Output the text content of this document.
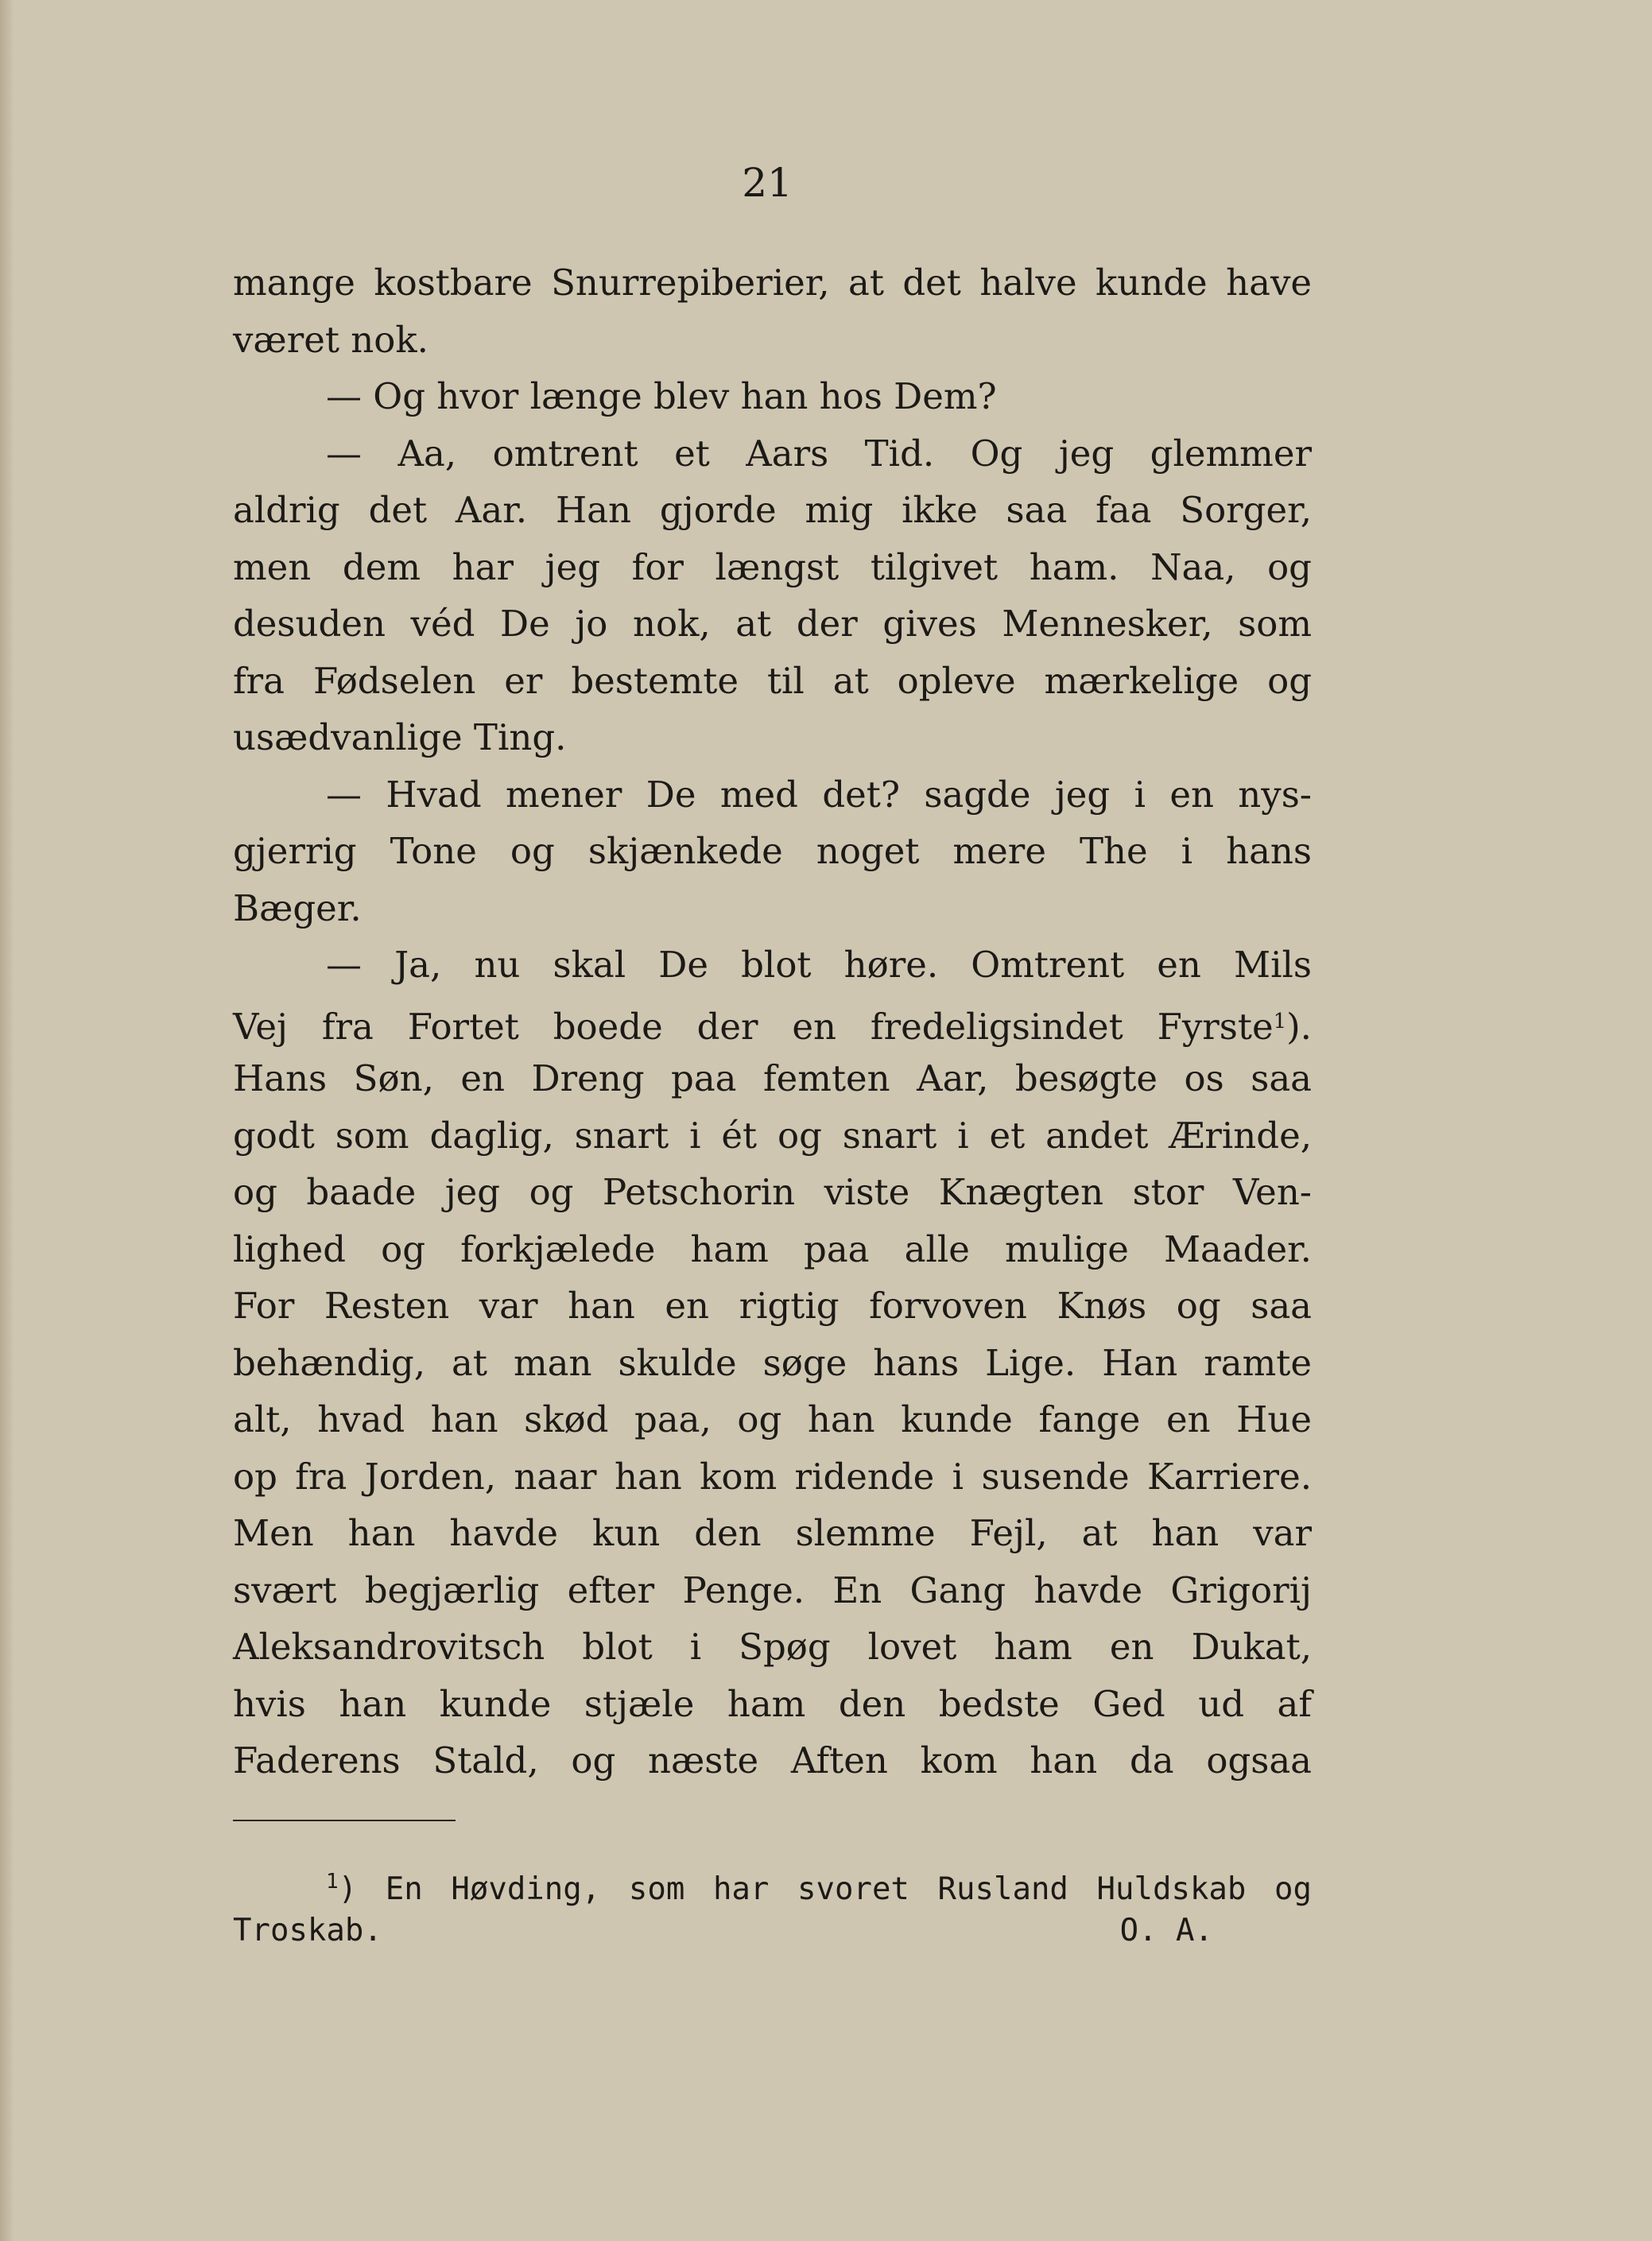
21
mange kostbare Snurrepiberier, at det halve kunde have
været nok.
— Og hvor længe blev han hos Dem?
— Aa, omtrent et Aars Tid. Og jeg glemmer
aldrig det Aar. Han gjorde mig ikke saa faa Sorger,
men dem har jeg for længst tilgivet ham. Naa, og
desuden véd De jo nok, at der gives Mennesker, som
fra Fødselen er bestemte til at opleve mærkelige og
usædvanlige Ting.
— Hvad mener De med det? sagde jeg i en nys-
gjerrig Tone og skjænkede noget mere The i hans
Bæger.
— Ja, nu skal De blot høre. Omtrent en Mils
Vej fra Fortet boede der en fredeligsindet Fyrste$^1$).
Hans Søn, en Dreng paa femten Aar, besøgte os saa
godt som daglig, snart i ét og snart i et andet Ærinde,
og baade jeg og Petschorin viste Knægten stor Ven-
lighed og forkjælede ham paa alle mulige Maader.
For Resten var han en rigtig forvoven Knøs og saa
behændig, at man skulde søge hans Lige. Han ramte
alt, hvad han skød paa, og han kunde fange en Hue
op fra Jorden, naar han kom ridende i susende Karriere.
Men han havde kun den slemme Fejl, at han var
svært begjærlig efter Penge. En Gang havde Grigorij
Aleksandrovitsch blot i Spøg lovet ham en Dukat,
hvis han kunde stjæle ham den bedste Ged ud af
Faderens Stald, og næste Aften kom han da ogsaa
$^1$) En Høvding, som har svoret Rusland Huldskab og
Troskab.	O. A.
